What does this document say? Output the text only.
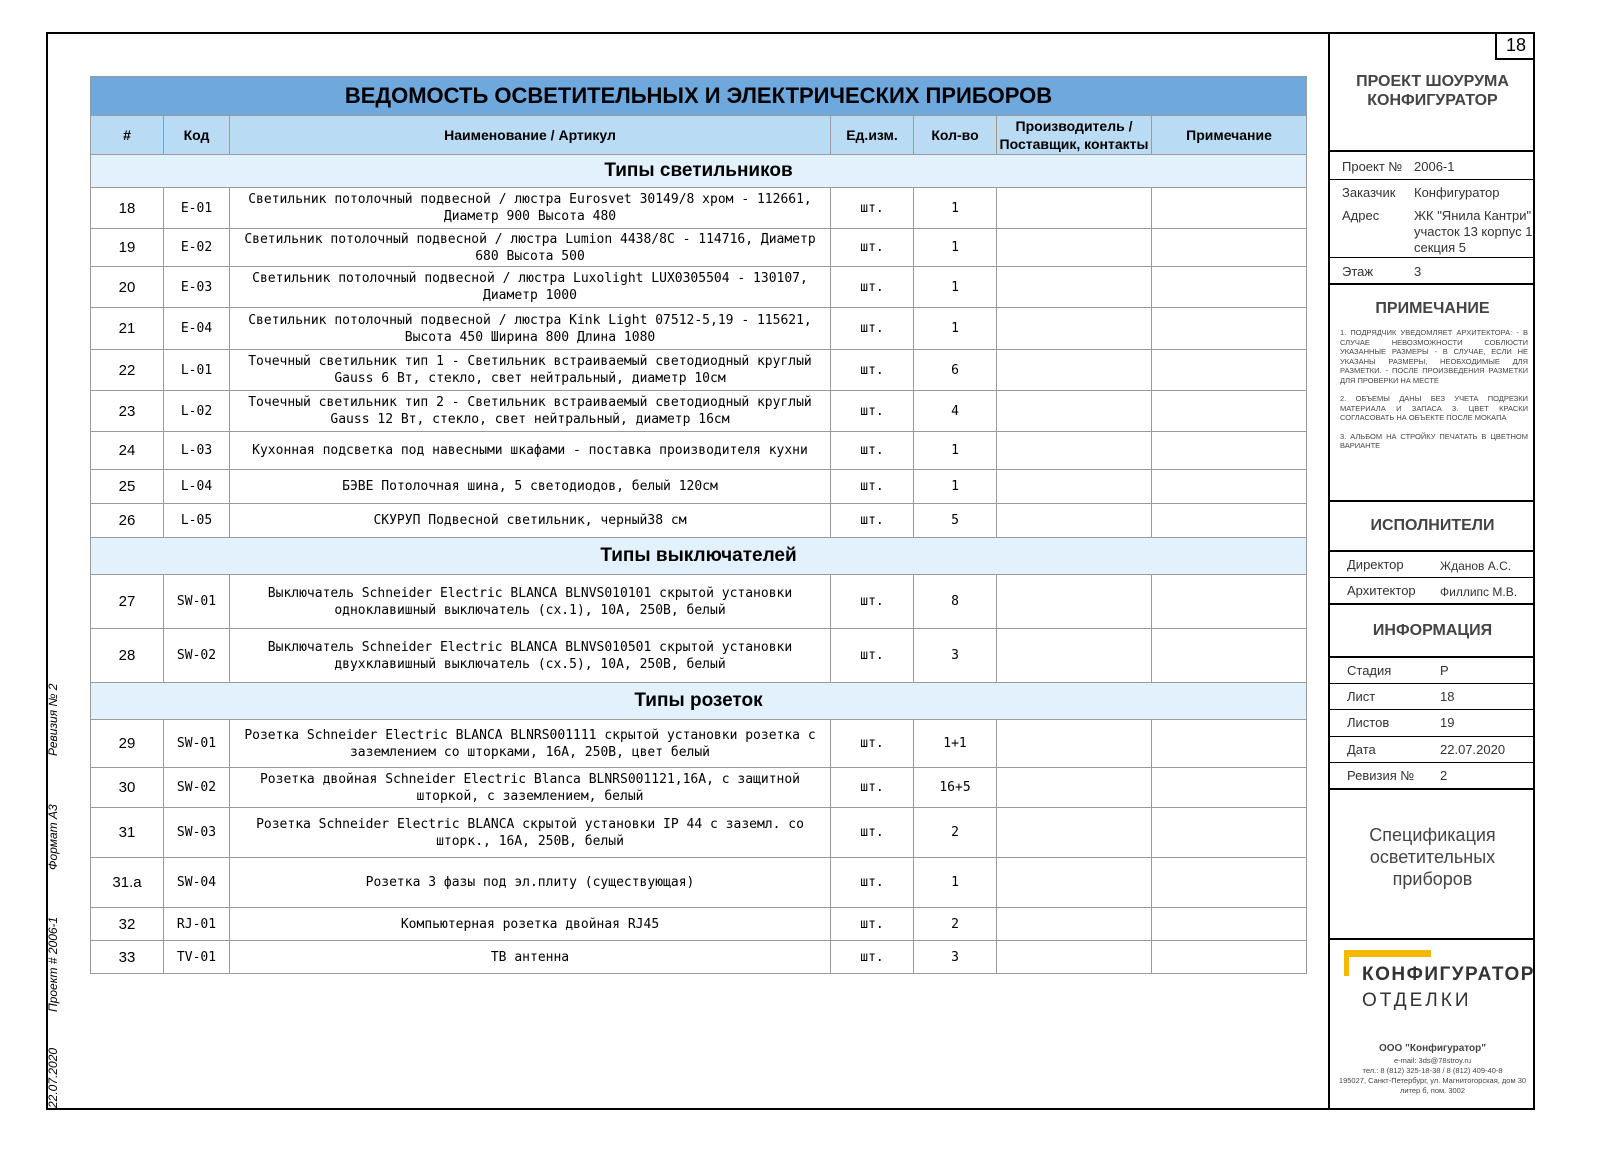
Ревизия № 2
Формат А3
Проект # 2006-1
22.07.2020
ВЕДОМОСТЬ ОСВЕТИТЕЛЬНЫХ И ЭЛЕКТРИЧЕСКИХ ПРИБОРОВ						
#	Код	Наименование / Артикул	Ед.изм.	Кол-во	Производитель / Поставщик, контакты	Примечание
Типы светильников						
18	E-01	Светильник потолочный подвесной / люстра Eurosvet 30149/8 хром - 112661, Диаметр 900 Высота 480	шт.	1		
19	E-02	Светильник потолочный подвесной / люстра Lumion 4438/8C - 114716, Диаметр 680 Высота 500	шт.	1		
20	E-03	Светильник потолочный подвесной / люстра Luxolight LUX0305504 - 130107, Диаметр 1000	шт.	1		
21	E-04	Светильник потолочный подвесной / люстра Kink Light 07512-5,19 - 115621, Высота 450 Ширина 800 Длина 1080	шт.	1		
22	L-01	Точечный светильник тип 1 - Светильник встраиваемый светодиодный круглый Gauss 6 Вт, стекло, свет нейтральный, диаметр 10см	шт.	6		
23	L-02	Точечный светильник тип 2 - Светильник встраиваемый светодиодный круглый Gauss 12 Вт, стекло, свет нейтральный, диаметр 16см	шт.	4		
24	L-03	Кухонная подсветка под навесными шкафами - поставка производителя кухни	шт.	1		
25	L-04	БЭВЕ Потолочная шина, 5 светодиодов, белый 120см	шт.	1		
26	L-05	СКУРУП Подвесной светильник, черный38 см	шт.	5		
Типы выключателей						
27	SW-01	Выключатель Schneider Electric BLANCA BLNVS010101 скрытой установки одноклавишный выключатель (сх.1), 10А, 250В, белый	шт.	8		
28	SW-02	Выключатель Schneider Electric BLANCA BLNVS010501 скрытой установки двухклавишный выключатель (сх.5), 10А, 250В, белый	шт.	3		
Типы розеток						
29	SW-01	Розетка Schneider Electric BLANCA BLNRS001111 скрытой установки розетка с заземлением со шторками, 16А, 250В, цвет белый	шт.	1+1		
30	SW-02	Розетка двойная Schneider Electric Blanca BLNRS001121,16A, с защитной шторкой, с заземлением, белый	шт.	16+5		
31	SW-03	Розетка Schneider Electric BLANCA скрытой установки IP 44 с заземл. со шторк., 16А, 250В, белый	шт.	2		
31.a	SW-04	Розетка 3 фазы под эл.плиту (существующая)	шт.	1		
32	RJ-01	Компьютерная розетка двойная RJ45	шт.	2		
33	TV-01	ТВ антенна	шт.	3		
18
ПРОЕКТ ШОУРУМА КОНФИГУРАТОР
Проект № 2006-1
Заказчик Конфигуратор
Адрес	ЖК "Янила Кантри" участок 13 корпус 1 секция 5
Этаж	3
ПРИМЕЧАНИЕ

1. ПОДРЯДЧИК УВЕДОМЛЯЕТ АРХИТЕКТОРА: - В СЛУЧАЕ НЕВОЗМОЖНОСТИ СОБЛЮСТИ УКАЗАННЫЕ РАЗМЕРЫ - В СЛУЧАЕ, ЕСЛИ НЕ УКАЗАНЫ РАЗМЕРЫ, НЕОБХОДИМЫЕ ДЛЯ РАЗМЕТКИ. - ПОСЛЕ ПРОИЗВЕДЕНИЯ РАЗМЕТКИ ДЛЯ ПРОВЕРКИ НА МЕСТЕ

2. ОБЪЕМЫ ДАНЫ БЕЗ УЧЕТА ПОДРЕЗКИ МАТЕРИАЛА И ЗАПАСА 3. ЦВЕТ КРАСКИ СОГЛАСОВАТЬ НА ОБЪЕКТЕ ПОСЛЕ МОКАПА

3. АЛЬБОМ НА СТРОЙКУ ПЕЧАТАТЬ В ЦВЕТНОМ ВАРИАНТЕ

ИСПОЛНИТЕЛИ
Директор	Жданов А.С.
Архитектор Филлипс М.В.
ИНФОРМАЦИЯ
Стадия	Р
Лист	18
Листов	19
Дата	22.07.2020
Ревизия № 2
Спецификация осветительных приборов
КОНФИГУРАТОР
ОТДЕЛКИ
ООО "Конфигуратор"
e-mail: 3ds@78stroy.ru
тел.: 8 (812) 325-18-38 / 8 (812) 409-40-8
195027, Санкт-Петербург, ул. Магнитогорская, дом 30 литер б, пом. 3002
